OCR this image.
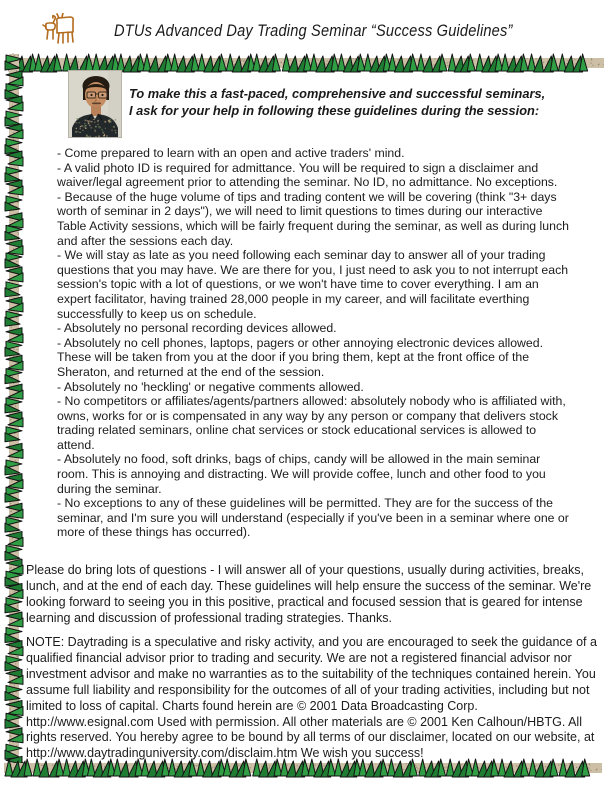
DTUs Advanced Day Trading Seminar “Success Guidelines”
To make this a fast-paced, comprehensive and successful seminars,
I ask for your help in following these guidelines during the session:
- Come prepared to learn with an open and active traders' mind.
- A valid photo ID is required for admittance. You will be required to sign a disclaimer and waiver/legal agreement prior to attending the seminar. No ID, no admittance. No exceptions.
- Because of the huge volume of tips and trading content we will be covering (think "3+ days worth of seminar in 2 days"), we will need to limit questions to times during our interactive Table Activity sessions, which will be fairly frequent during the seminar, as well as during lunch and after the sessions each day.
- We will stay as late as you need following each seminar day to answer all of your trading questions that you may have. We are there for you, I just need to ask you to not interrupt each session's topic with a lot of questions, or we won't have time to cover everything. I am an expert facilitator, having trained 28,000 people in my career, and will facilitate everthing successfully to keep us on schedule.
- Absolutely no personal recording devices allowed.
- Absolutely no cell phones, laptops, pagers or other annoying electronic devices allowed. These will be taken from you at the door if you bring them, kept at the front office of the Sheraton, and returned at the end of the session.
- Absolutely no 'heckling' or negative comments allowed.
- No competitors or affiliates/agents/partners allowed: absolutely nobody who is affiliated with, owns, works for or is compensated in any way by any person or company that delivers stock trading related seminars, online chat services or stock educational services is allowed to attend.
- Absolutely no food, soft drinks, bags of chips, candy will be allowed in the main seminar room. This is annoying and distracting. We will provide coffee, lunch and other food to you during the seminar.
- No exceptions to any of these guidelines will be permitted. They are for the success of the seminar, and I'm sure you will understand (especially if you've been in a seminar where one or more of these things has occurred).
Please do bring lots of questions - I will answer all of your questions, usually during activities, breaks, lunch, and at the end of each day. These guidelines will help ensure the success of the seminar. We're looking forward to seeing you in this positive, practical and focused session that is geared for intense learning and discussion of professional trading strategies. Thanks.
NOTE: Daytrading is a speculative and risky activity, and you are encouraged to seek the guidance of a qualified financial advisor prior to trading and security. We are not a registered financial advisor nor investment advisor and make no warranties as to the suitability of the techniques contained herein. You assume full liability and responsibility for the outcomes of all of your trading activities, including but not limited to loss of capital. Charts found herein are © 2001 Data Broadcasting Corp. http://www.esignal.com Used with permission. All other materials are © 2001 Ken Calhoun/HBTG. All rights reserved. You hereby agree to be bound by all terms of our disclaimer, located on our website, at http://www.daytradinguniversity.com/disclaim.htm We wish you success!
